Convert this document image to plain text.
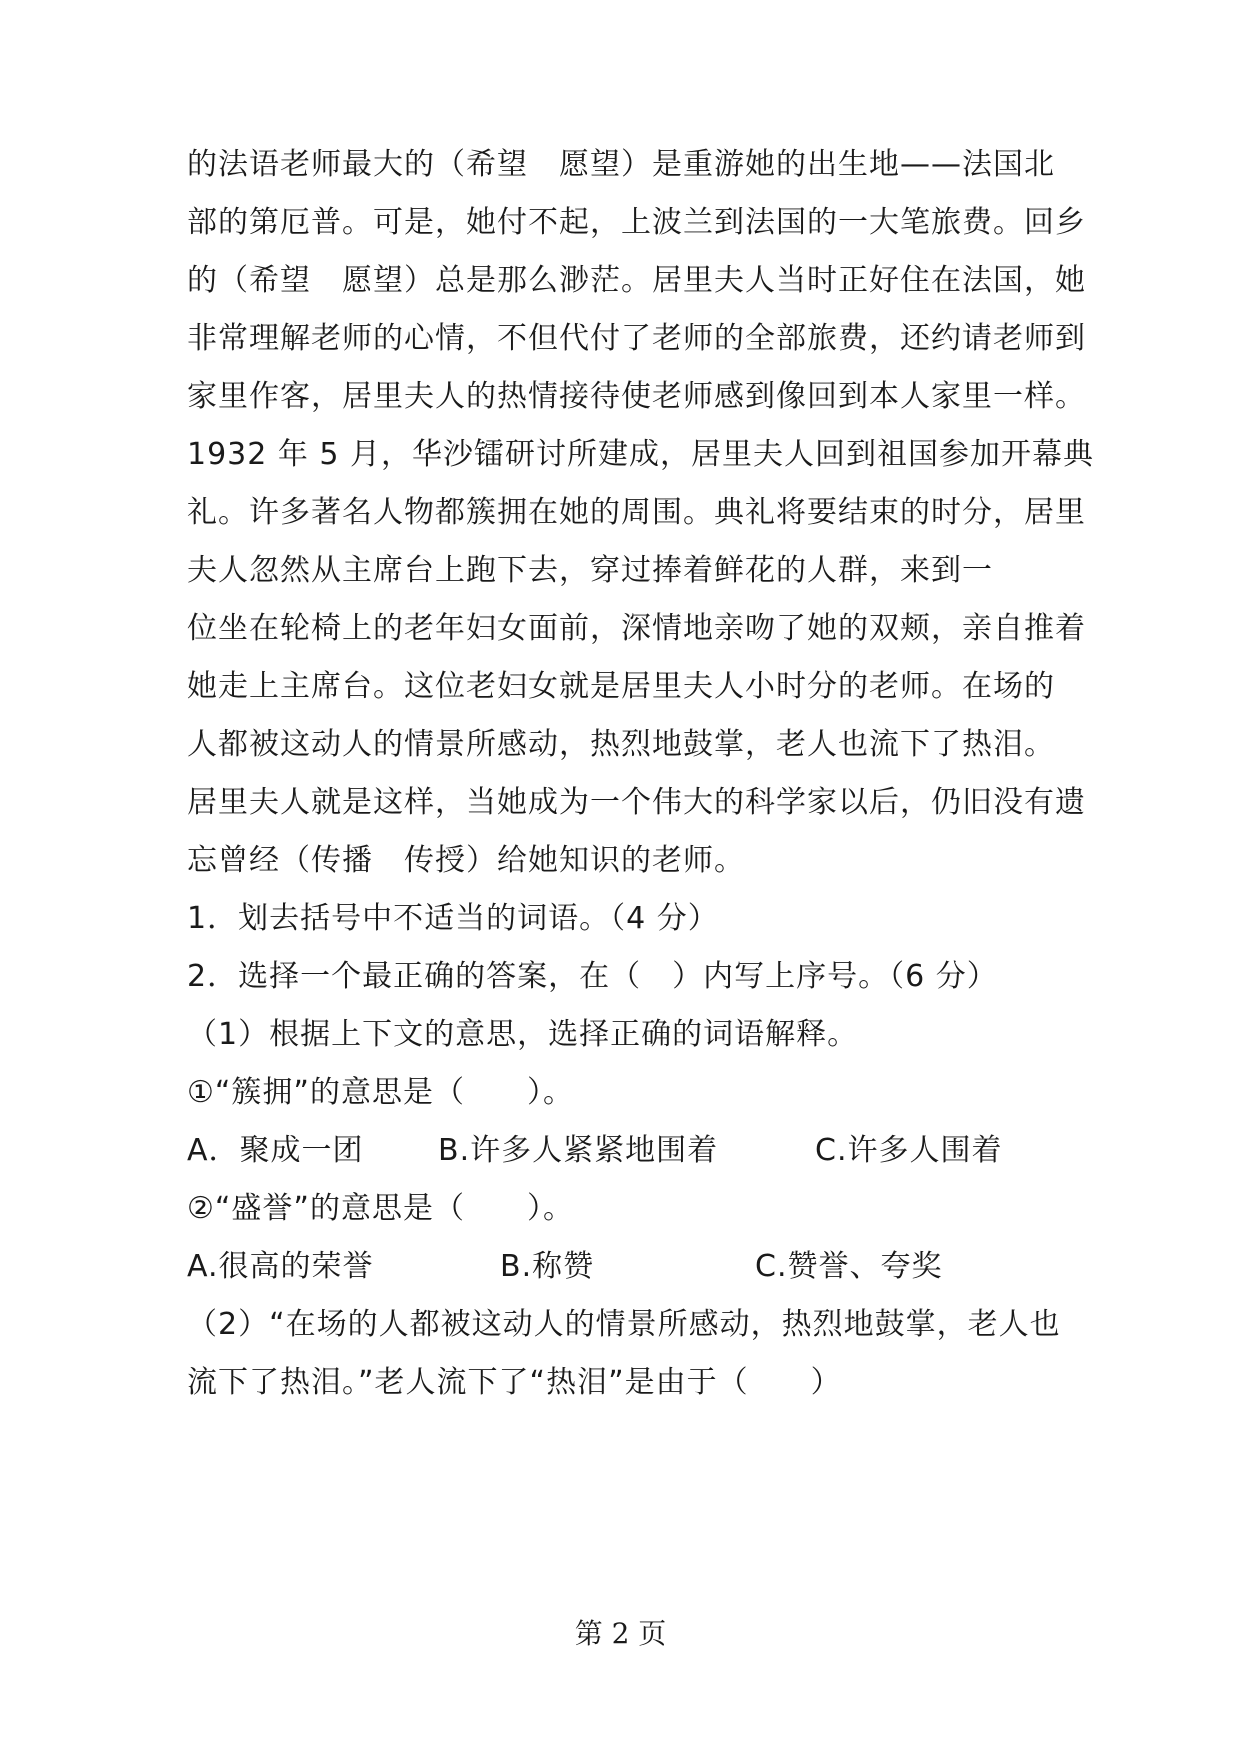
的法语老师最大的（希望　愿望）是重游她的出生地——法国北
部的第厄普。可是，她付不起，上波兰到法国的一大笔旅费。回乡
的（希望　愿望）总是那么渺茫。居里夫人当时正好住在法国，她
非常理解老师的心情，不但代付了老师的全部旅费，还约请老师到
家里作客，居里夫人的热情接待使老师感到像回到本人家里一样。
1932 年 5 月，华沙镭研讨所建成，居里夫人回到祖国参加开幕典
礼。许多著名人物都簇拥在她的周围。典礼将要结束的时分，居里
夫人忽然从主席台上跑下去，穿过捧着鲜花的人群，来到一
位坐在轮椅上的老年妇女面前，深情地亲吻了她的双颊，亲自推着
她走上主席台。这位老妇女就是居里夫人小时分的老师。在场的
人都被这动人的情景所感动，热烈地鼓掌，老人也流下了热泪。
居里夫人就是这样，当她成为一个伟大的科学家以后，仍旧没有遗
忘曾经（传播　传授）给她知识的老师。
1．划去括号中不适当的词语。（4 分）
2．选择一个最正确的答案，在（　）内写上序号。（6 分）
（1）根据上下文的意思，选择正确的词语解释。
①“簇拥”的意思是（　　）。
A．聚成一团 B.许多人紧紧地围着	C.许多人围着
②“盛誉”的意思是（　　）。
A.很高的荣誉	B.称赞	C.赞誉、夸奖
（2）“在场的人都被这动人的情景所感动，热烈地鼓掌，老人也
流下了热泪。”老人流下了“热泪”是由于（　　）
第 2 页
